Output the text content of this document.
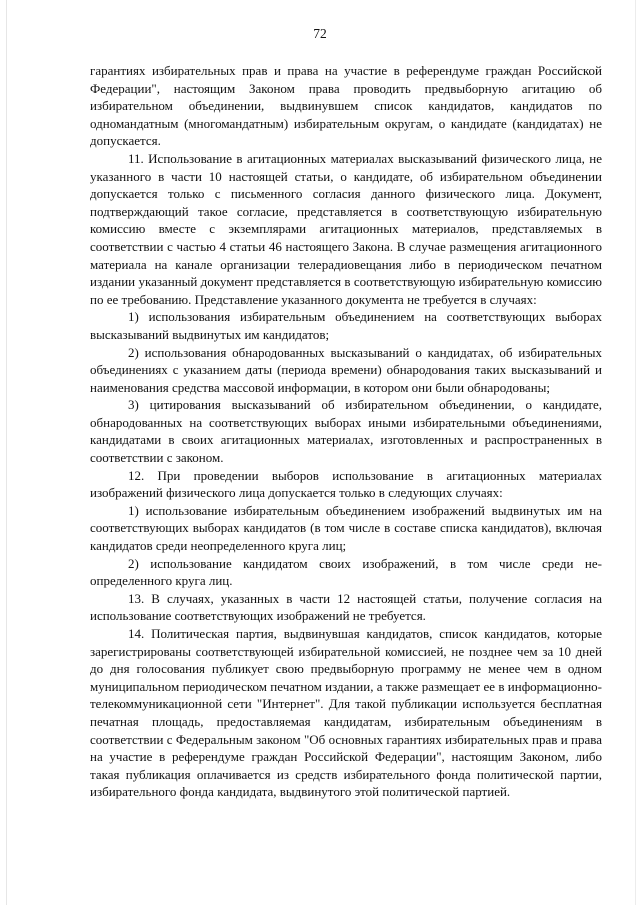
72

гарантиях избирательных прав и права на участие в референдуме граждан Российской Федерации", настоящим Законом права проводить предвыборную агитацию об избирательном объединении, выдвинувшем список кандидатов, кандидатов по одномандатным (многомандатным) избирательным округам, о кандидате (кандидатах) не допускается.

11. Использование в агитационных материалах высказываний физического лица, не указанного в части 10 настоящей статьи, о кандидате, об избирательном объединении допускается только с письменного согласия данного физического лица. Документ, подтверждающий такое согласие, представляется в соответствующую избирательную комиссию вместе с экземплярами агитационных материалов, представляемых в соответствии с частью 4 статьи 46 настоящего Закона. В случае размещения агитационного материала на канале организации телерадиовещания либо в периодическом печатном издании указанный документ представляется в соответствующую избирательную комиссию по ее требованию. Представление указанного документа не требуется в случаях:

1) использования избирательным объединением на соответствующих выборах высказываний выдвинутых им кандидатов;

2) использования обнародованных высказываний о кандидатах, об избирательных объединениях с указанием даты (периода времени) обнародования таких высказываний и наименования средства массовой информации, в котором они были обнародованы;

3) цитирования высказываний об избирательном объединении, о кандидате, обнародованных на соответствующих выборах иными избирательными объединениями, кандидатами в своих агитационных материалах, изготовленных и распространенных в соответствии с законом.

12. При проведении выборов использование в агитационных материалах изображений физического лица допускается только в следующих случаях:

1) использование избирательным объединением изображений выдвинутых им на соответствующих выборах кандидатов (в том числе в составе списка кандидатов), включая кандидатов среди неопределенного круга лиц;

2) использование кандидатом своих изображений, в том числе среди неопределенного круга лиц.

13. В случаях, указанных в части 12 настоящей статьи, получение согласия на использование соответствующих изображений не требуется.

14. Политическая партия, выдвинувшая кандидатов, список кандидатов, которые зарегистрированы соответствующей избирательной комиссией, не позднее чем за 10 дней до дня голосования публикует свою предвыборную программу не менее чем в одном муниципальном периодическом печатном издании, а также размещает ее в информационно-телекоммуникационной сети "Интернет". Для такой публикации используется бесплатная печатная площадь, предоставляемая кандидатам, избирательным объединениям в соответствии с Федеральным законом "Об основных гарантиях избирательных прав и права на участие в референдуме граждан Российской Федерации", настоящим Законом, либо такая публикация оплачивается из средств избирательного фонда политической партии, избирательного фонда кандидата, выдвинутого этой политической партией.
